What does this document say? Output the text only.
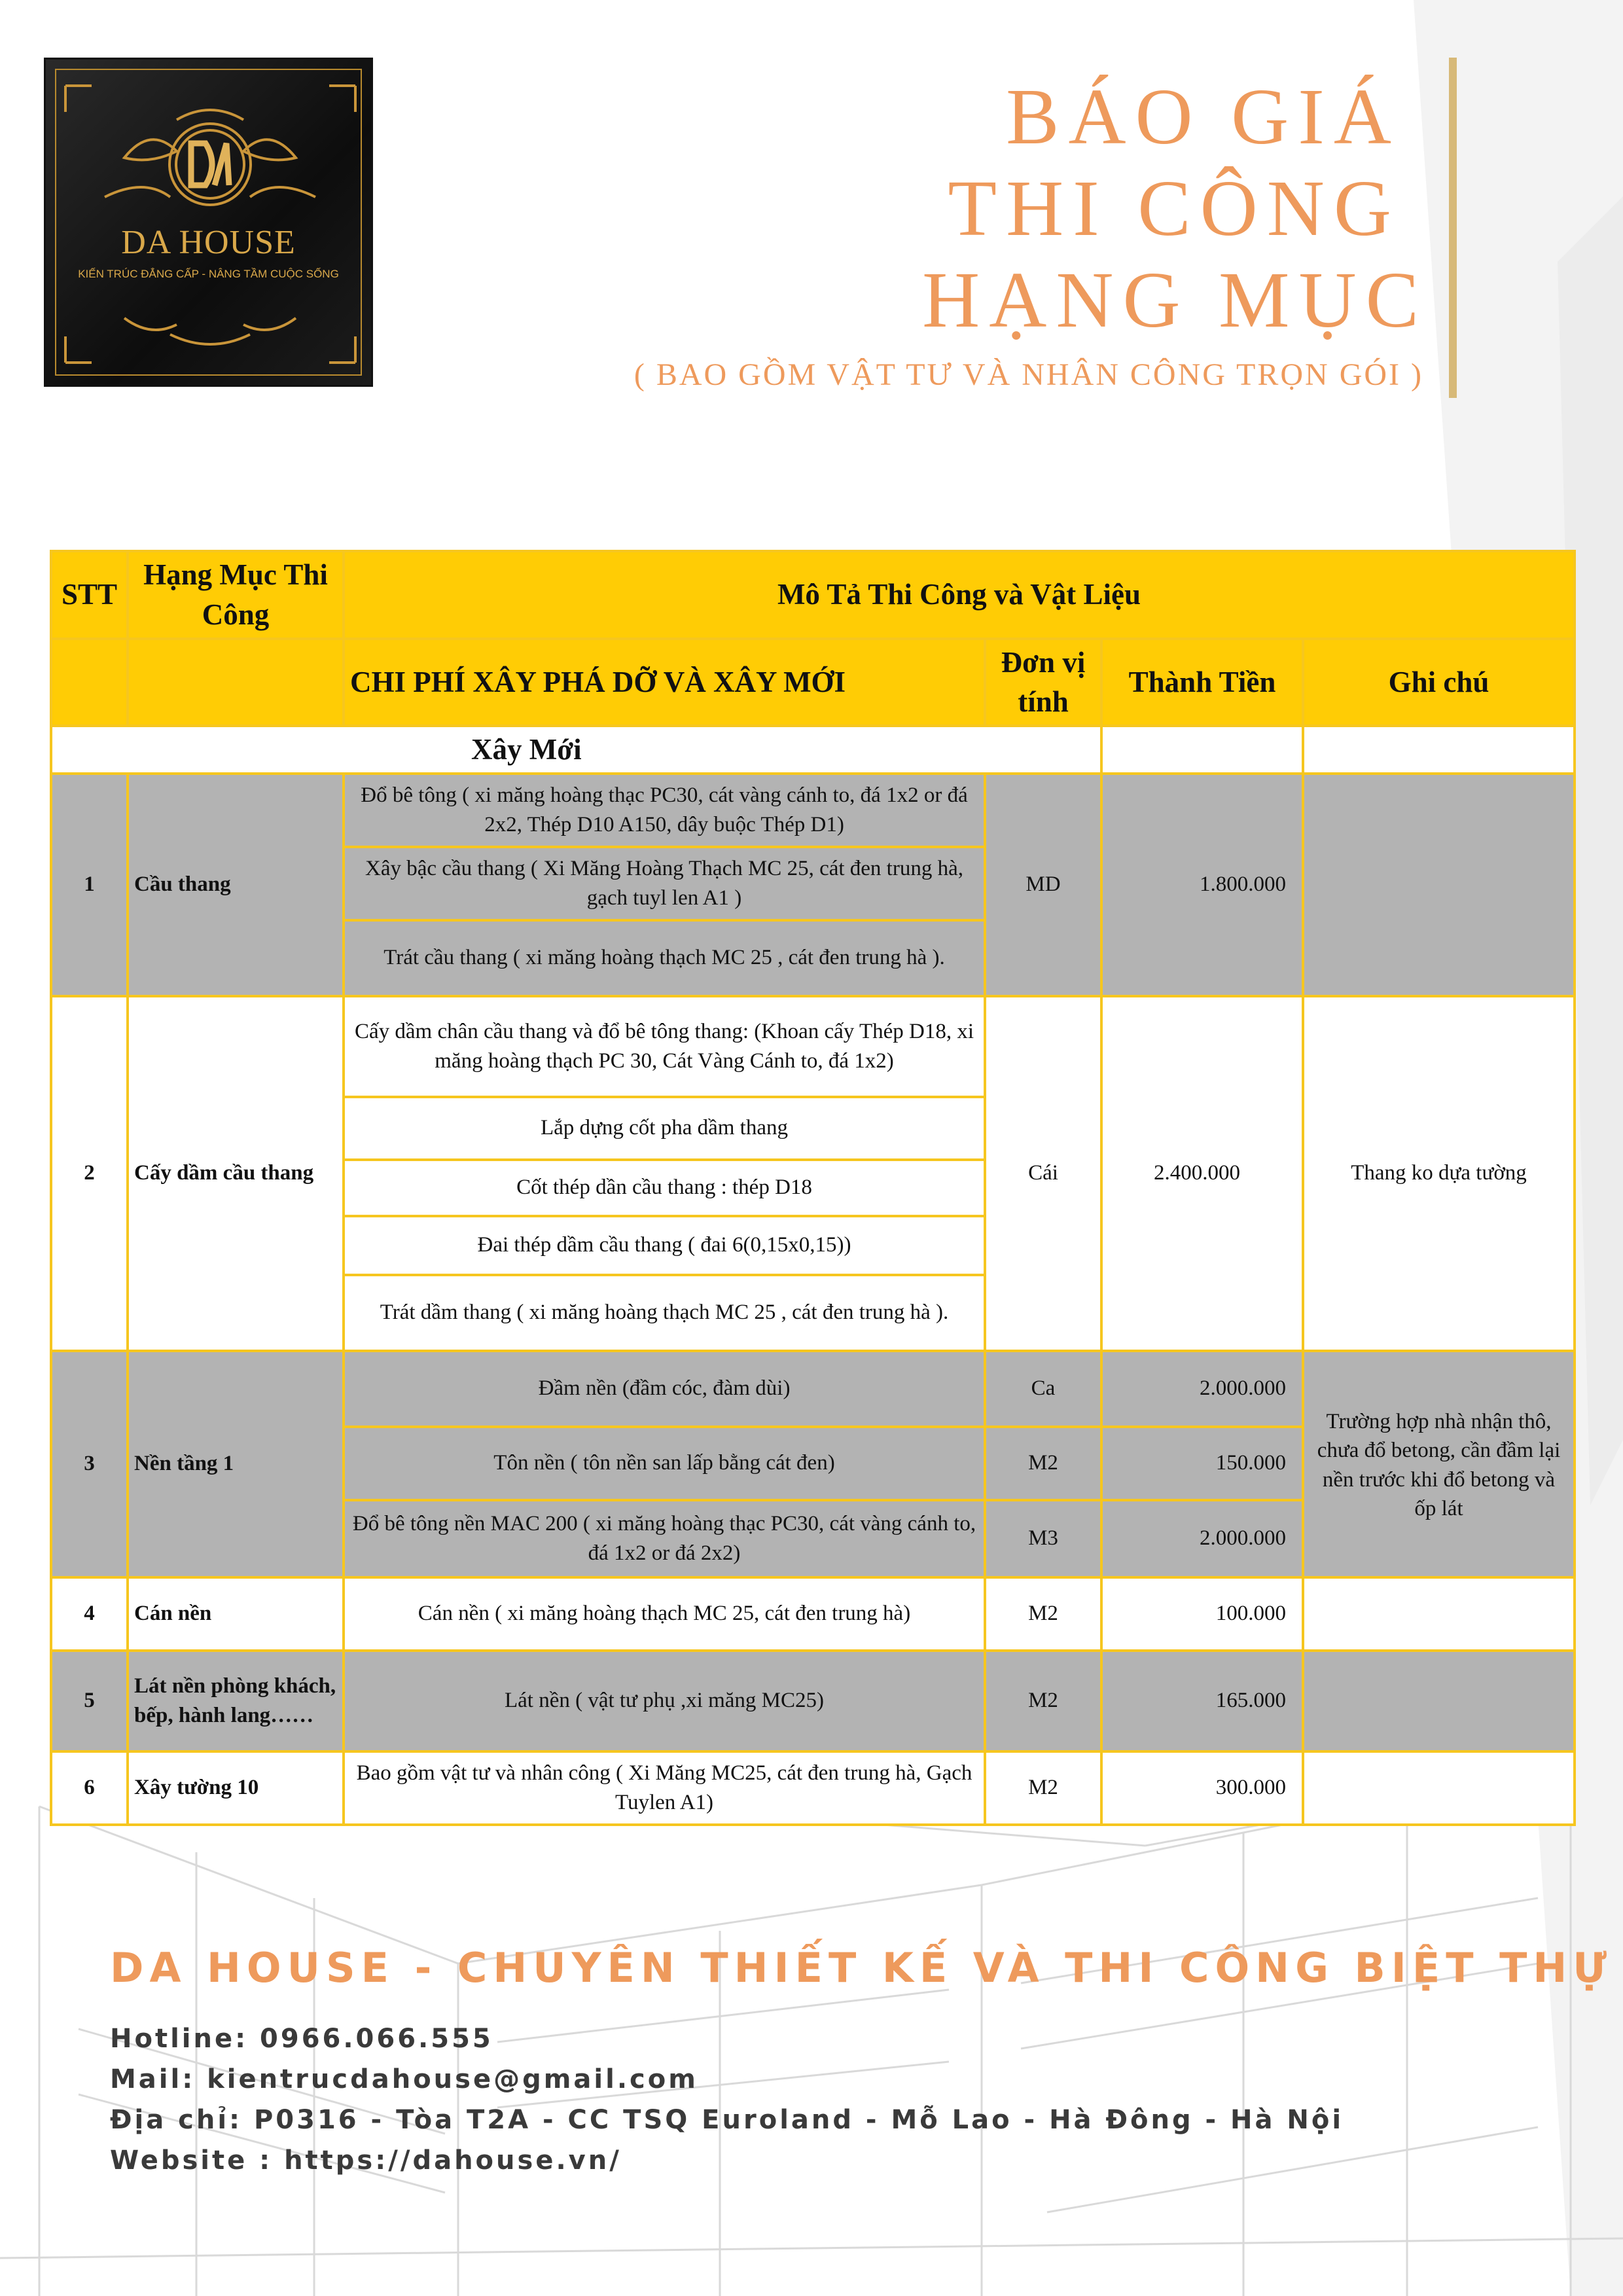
DA HOUSE
KIẾN TRÚC ĐẲNG CẤP - NÂNG TẦM CUỘC SỐNG
BÁO GIÁ
THI CÔNG
HẠNG MỤC
( BAO GỒM VẬT TƯ VÀ NHÂN CÔNG TRỌN GÓI )
STT	Hạng Mục Thi Công	Mô Tả Thi Công và Vật Liệu			
		CHI PHÍ XÂY PHÁ DỠ VÀ XÂY MỚI	Đơn vị tính	Thành Tiền	Ghi chú
Xây Mới					
1	Cầu thang	Đổ bê tông ( xi măng hoàng thạc PC30, cát vàng cánh to, đá 1x2 or đá 2x2, Thép D10 A150, dây buộc Thép D1)	MD	1.800.000	
		Xây bậc cầu thang ( Xi Măng Hoàng Thạch MC 25, cát đen trung hà, gạch tuyl len A1 )			
		Trát cầu thang ( xi măng hoàng thạch MC 25 , cát đen trung hà ).			
2	Cấy dầm cầu thang	Cấy dầm chân cầu thang và đổ bê tông thang: (Khoan cấy Thép D18, xi măng hoàng thạch PC 30, Cát Vàng Cánh to, đá 1x2)	Cái	2.400.000	Thang ko dựa tường
		Lắp dựng cốt pha dầm thang			
		Cốt thép dần cầu thang : thép D18			
		Đai thép dầm cầu thang ( đai 6(0,15x0,15))			
		Trát dầm thang ( xi măng hoàng thạch MC 25 , cát đen trung hà ).			
3	Nền tầng 1	Đầm nền (đầm cóc, đàm dùi)	Ca	2.000.000	Trường hợp nhà nhận thô, chưa đổ betong, cần đầm lại nền trước khi đổ betong và ốp lát
		Tôn nền ( tôn nền san lấp bằng cát đen)	M2	150.000	
		Đổ bê tông nền MAC 200 ( xi măng hoàng thạc PC30, cát vàng cánh to, đá 1x2 or đá 2x2)	M3	2.000.000	
4	Cán nền	Cán nền ( xi măng hoàng thạch MC 25, cát đen trung hà)	M2	100.000	
5	Lát nền phòng khách, bếp, hành lang……	Lát nền ( vật tư phụ ,xi măng MC25)	M2	165.000	
6	Xây tường 10	Bao gồm vật tư và nhân công ( Xi Măng MC25, cát đen trung hà, Gạch Tuylen A1)	M2	300.000	
DA HOUSE - CHUYÊN THIẾT KẾ VÀ THI CÔNG BIỆT THỰ
Hotline: 0966.066.555
Mail: kientrucdahouse@gmail.com
Địa chỉ: P0316 - Tòa T2A - CC TSQ Euroland - Mỗ Lao - Hà Đông - Hà Nội
Website : https://dahouse.vn/
